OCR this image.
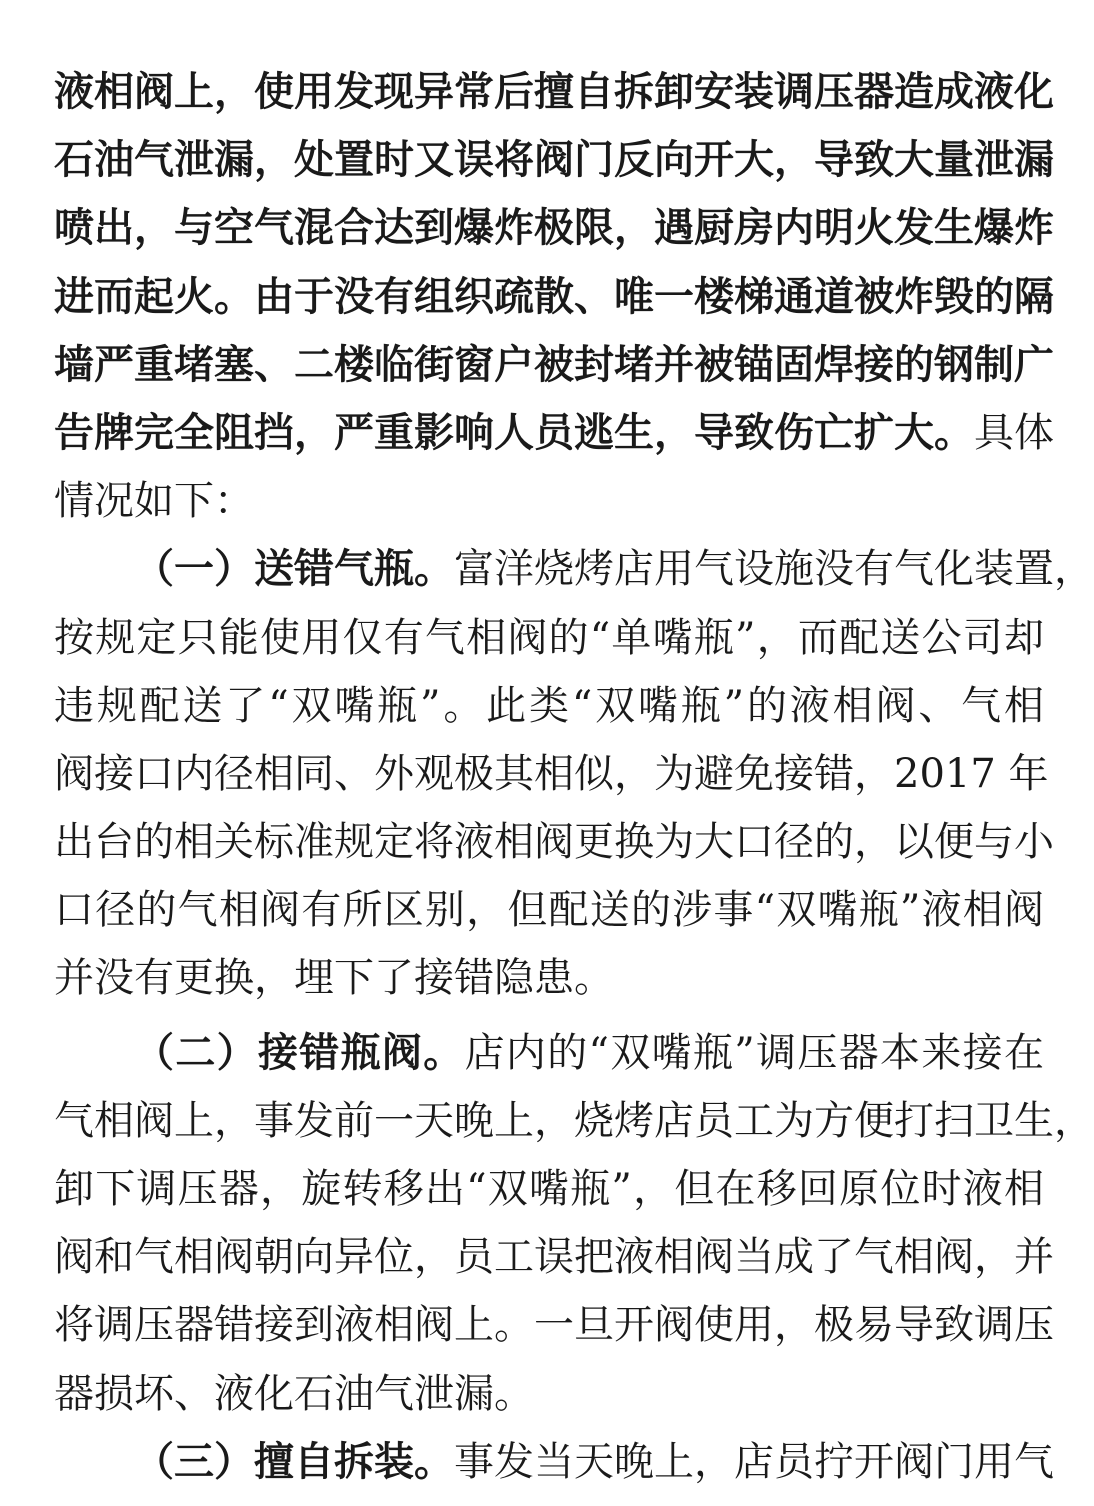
液相阀上，使用发现异常后擅自拆卸安装调压器造成液化
石油气泄漏，处置时又误将阀门反向开大，导致大量泄漏
喷出，与空气混合达到爆炸极限，遇厨房内明火发生爆炸
进而起火。由于没有组织疏散、唯一楼梯通道被炸毁的隔
墙严重堵塞、二楼临街窗户被封堵并被锚固焊接的钢制广
告牌完全阻挡，严重影响人员逃生，导致伤亡扩大。具体
情况如下：
（一）送错气瓶。富洋烧烤店用气设施没有气化装置，
按规定只能使用仅有气相阀的“单嘴瓶”，而配送公司却
违规配送了“双嘴瓶”。此类“双嘴瓶”的液相阀、气相
阀接口内径相同、外观极其相似，为避免接错，2017 年
出台的相关标准规定将液相阀更换为大口径的，以便与小
口径的气相阀有所区别，但配送的涉事“双嘴瓶”液相阀
并没有更换，埋下了接错隐患。
（二）接错瓶阀。店内的“双嘴瓶”调压器本来接在
气相阀上，事发前一天晚上，烧烤店员工为方便打扫卫生，
卸下调压器，旋转移出“双嘴瓶”，但在移回原位时液相
阀和气相阀朝向异位，员工误把液相阀当成了气相阀，并
将调压器错接到液相阀上。一旦开阀使用，极易导致调压
器损坏、液化石油气泄漏。
（三）擅自拆装。事发当天晚上，店员拧开阀门用气
